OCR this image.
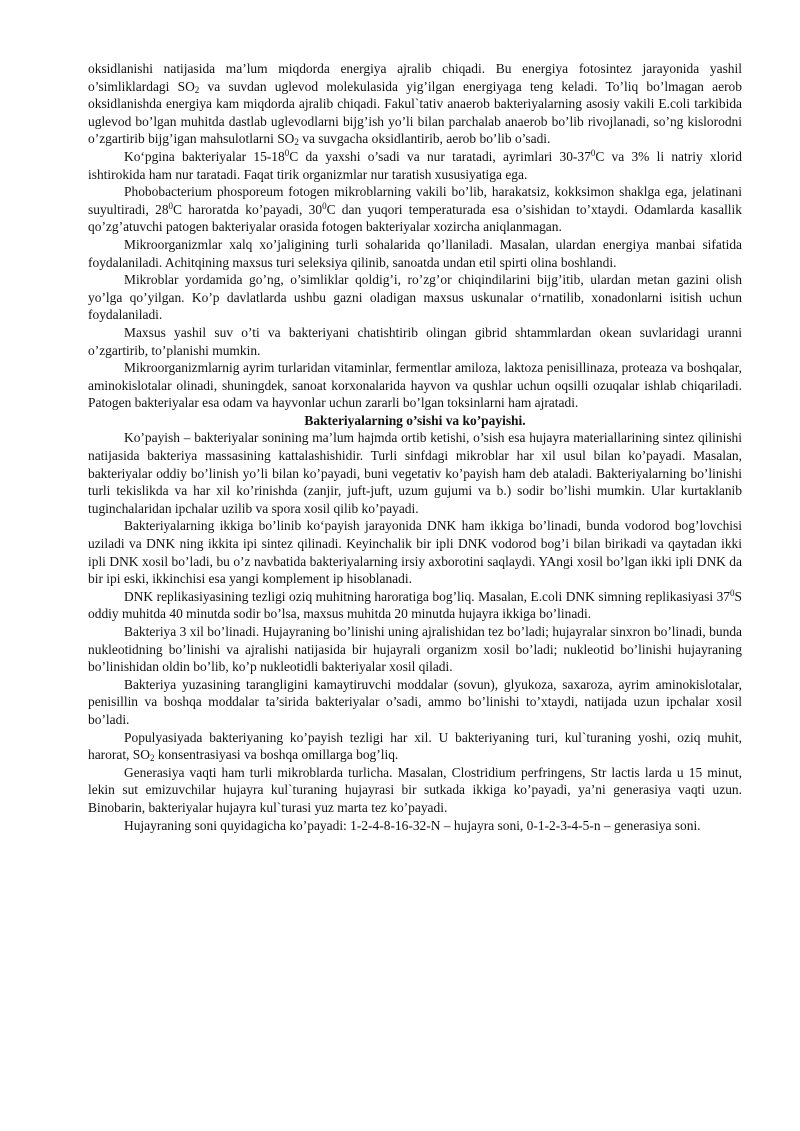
oksidlanishi natijasida ma’lum miqdorda energiya ajralib chiqadi. Bu energiya fotosintez jarayonida yashil o’simliklardagi $SO_2$ va suvdan uglevod molekulasida yig’ilgan energiyaga teng keladi. To’liq bo’lmagan aerob oksidlanishda energiya kam miqdorda ajralib chiqadi. Fakul`tativ anaerob bakteriyalarning asosiy vakili E.coli tarkibida uglevod bo’lgan muhitda dastlab uglevodlarni bijg’ish yo’li bilan parchalab anaerob bo’lib rivojlanadi, so’ng kislorodni o’zgartirib bijg’igan mahsulotlarni $SO_2$ va suvgacha oksidlantirib, aerob bo’lib o’sadi.

Koʻpgina bakteriyalar $15-18^0C$ da yaxshi o’sadi va nur taratadi, ayrimlari $30-37^0C$ va 3% li natriy xlorid ishtirokida ham nur taratadi. Faqat tirik organizmlar nur taratish xususiyatiga ega.

Phobobacterium phosporeum fotogen mikroblarning vakili bo’lib, harakatsiz, kokksimon shaklga ega, jelatinani suyultiradi, $28^0C$ haroratda ko’payadi, $30^0C$ dan yuqori temperaturada esa o’sishidan to’xtaydi. Odamlarda kasallik qo’zg’atuvchi patogen bakteriyalar orasida fotogen bakteriyalar xozircha aniqlanmagan.

Mikroorganizmlar xalq xo’jaligining turli sohalarida qo’llaniladi. Masalan, ulardan energiya manbai sifatida foydalaniladi. Achitqining maxsus turi seleksiya qilinib, sanoatda undan etil spirti olina boshlandi.

Mikroblar yordamida go’ng, o’simliklar qoldig’i, ro’zg’or chiqindilarini bijg’itib, ulardan metan gazini olish yo’lga qo’yilgan. Ko’p davlatlarda ushbu gazni oladigan maxsus uskunalar oʻrnatilib, xonadonlarni isitish uchun foydalaniladi.

Maxsus yashil suv o’ti va bakteriyani chatishtirib olingan gibrid shtammlardan okean suvlaridagi uranni o’zgartirib, to’planishi mumkin.

Mikroorganizmlarnig ayrim turlaridan vitaminlar, fermentlar amiloza, laktoza penisillinaza, proteaza va boshqalar, aminokislotalar olinadi, shuningdek, sanoat korxonalarida hayvon va qushlar uchun oqsilli ozuqalar ishlab chiqariladi. Patogen bakteriyalar esa odam va hayvonlar uchun zararli bo’lgan toksinlarni ham ajratadi.

Bakteriyalarning o’sishi va ko’payishi.

Ko’payish – bakteriyalar sonining ma’lum hajmda ortib ketishi, o’sish esa hujayra materiallarining sintez qilinishi natijasida bakteriya massasining kattalashishidir. Turli sinfdagi mikroblar har xil usul bilan ko’payadi. Masalan, bakteriyalar oddiy bo’linish yo’li bilan ko’payadi, buni vegetativ ko’payish ham deb ataladi. Bakteriyalarning bo’linishi turli tekislikda va har xil ko’rinishda (zanjir, juft-juft, uzum gujumi va b.) sodir bo’lishi mumkin. Ular kurtaklanib tuginchalaridan ipchalar uzilib va spora xosil qilib ko’payadi.

Bakteriyalarning ikkiga bo’linib koʻpayish jarayonida DNK ham ikkiga bo’linadi, bunda vodorod bog’lovchisi uziladi va DNK ning ikkita ipi sintez qilinadi. Keyinchalik bir ipli DNK vodorod bog’i bilan birikadi va qaytadan ikki ipli DNK xosil bo’ladi, bu o’z navbatida bakteriyalarning irsiy axborotini saqlaydi. YAngi xosil bo’lgan ikki ipli DNK da bir ipi eski, ikkinchisi esa yangi komplement ip hisoblanadi.

DNK replikasiyasining tezligi oziq muhitning haroratiga bog’liq. Masalan, E.coli DNK simning replikasiyasi $37^0S$ oddiy muhitda 40 minutda sodir bo’lsa, maxsus muhitda 20 minutda hujayra ikkiga bo’linadi.

Bakteriya 3 xil bo’linadi. Hujayraning bo’linishi uning ajralishidan tez bo’ladi; hujayralar sinxron bo’linadi, bunda nukleotidning bo’linishi va ajralishi natijasida bir hujayrali organizm xosil bo’ladi; nukleotid bo’linishi hujayraning bo’linishidan oldin bo’lib, ko’p nukleotidli bakteriyalar xosil qiladi.

Bakteriya yuzasining tarangligini kamaytiruvchi moddalar (sovun), glyukoza, saxaroza, ayrim aminokislotalar, penisillin va boshqa moddalar ta’sirida bakteriyalar o’sadi, ammo bo’linishi to’xtaydi, natijada uzun ipchalar xosil bo’ladi.

Populyasiyada bakteriyaning ko’payish tezligi har xil. U bakteriyaning turi, kul`turaning yoshi, oziq muhit, harorat, $SO_2$ konsentrasiyasi va boshqa omillarga bog’liq.

Generasiya vaqti ham turli mikroblarda turlicha. Masalan, Clostridium perfringens, Str lactis larda u 15 minut, lekin sut emizuvchilar hujayra kul`turaning hujayrasi bir sutkada ikkiga ko’payadi, ya’ni generasiya vaqti uzun. Binobarin, bakteriyalar hujayra kul`turasi yuz marta tez ko’payadi.

Hujayraning soni quyidagicha ko’payadi: 1-2-4-8-16-32-N – hujayra soni, 0-1-2-3-4-5-n – generasiya soni.
